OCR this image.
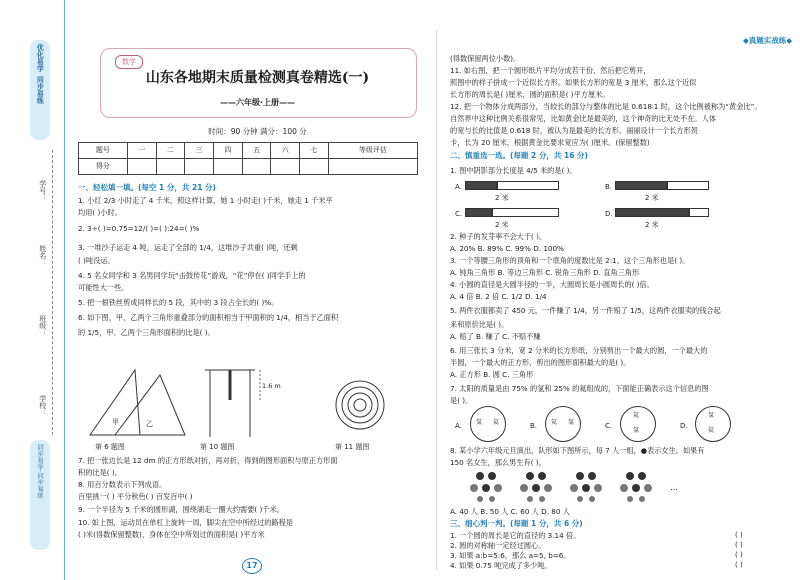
优化易学
同步易练
同步易学·同步易练
学号：
姓名：
班级：
学校：
数学
山东各地期末质量检测真卷精选(一)
——六年级·上册——
时间：90 分钟 满分：100 分
◆真题实战练◆
题号	一	二	三	四	五	六	七	等级评估
得分								
一、轻松填一填。(每空 1 分，共 21 分)
1. 小红 2/3 小时走了 4 千米，照这样计算，她 1 小时走( )千米，她走 1 千米平
均用( )小时。
2. 3÷( )=0.75=12/( )=( ):24=( )%
3. 一堆沙子运走 4 吨，运走了全部的 1/4，这堆沙子共重( )吨，还剩
( )吨没运。
4. 5 名女同学和 3 名男同学玩“击鼓传花”游戏，“花”停在( )同学手上的
可能性大一些。
5. 把一根铁丝剪成同样长的 5 段，其中的 3 段占全长的( )%。
6. 如下图，甲、乙两个三角形重叠部分的面积相当于甲面积的 1/4，相当于乙面积
的 1/5，甲、乙两个三角形面积的比是( )。
甲	乙
1.6 m
第 6 题图	第 10 题图	第 11 题图
7. 把一张边长是 12 dm 的正方形纸对折，再对折，得到的图形面积与原正方形面
积的比是( )。
8. 用百分数表示下列成语。
百里挑一( ) 平分秋色( ) 百发百中( )
9. 一个半径为 5 千米的圆形湖，围绕湖走一圈大约需要( )千米。
10. 如上图，运动员在单杠上旋转一周，脚尖在空中所经过的路程是
( )米(得数保留整数)，身体在空中所划过的面积是( )平方米
17
(得数保留两位小数)。
11. 如右图，把一个圆形纸片平均分成若干份，然后把它剪开，
照图中的样子拼成一个近似长方形。如果长方形的宽是 3 厘米，那么这个近似
长方形的周长是( )厘米，圆的面积是( )平方厘米。
12. 把一个物体分成两部分，当较长的部分与整体的比是 0.618∶1 时，这个比例被称为“黄金比”。
自然界中这种比例关系很常见，比如黄金比是最美的，这个神奇的比无处不在。人体
的宽与长的比值是 0.618 时，被认为是最美的长方形。丽丽设计一个长方形贺
卡，长为 20 厘米，根据黄金比要求宽应为( )厘米。(保留整数)
二、慎重选一选。(每题 2 分，共 16 分)
1. 图中阴影部分长度是 4/5 米的是( )。
A.
2 米
B.
2 米
C.
2 米
D.
2 米
2. 种子的发芽率不会大于( )。
A. 20% B. 89% C. 99% D. 100%
3. 一个等腰三角形的顶角和一个底角的度数比是 2:1，这个三角形也是( )。
A. 钝角三角形 B. 等边三角形 C. 锐角三角形 D. 直角三角形
4. 小圆的直径是大圆半径的一半，大圆周长是小圆周长的( )倍。
A. 4 倍 B. 2 倍 C. 1/2 D. 1/4
5. 两件衣服都卖了 450 元，一件赚了 1/4，另一件赔了 1/5，这两件衣服卖的钱合起
来和原价比是( )。
A. 赔了 B. 赚了 C. 不赔不赚
6. 用三张长 3 分米，宽 2 分米的长方形纸，分别剪出一个最大的圆，一个最大的
半圆，一个最大的正方形，剪出的图形面积最大的是( )。
A. 正方形 B. 圆 C. 三角形
7. 太阳的质量是由 75% 的氢和 25% 的氦组成的，下面能正确表示这个信息的图
是( )。
A. 氢 氦	B. 氦 氢	C.
氦
氢
D.
氢
氦
8. 某小学六年级元旦演出，队形如下图所示，每 7 人一组，●表示女生。如果有
150 名女生，那么男生有( )。
…
A. 40 人 B. 50 人 C. 60 人 D. 80 人
三、细心判一判。(每题 1 分，共 6 分)
1. 一个圆的周长是它的直径的 3.14 倍。
2. 圆的对称轴一定经过圆心。
3. 如果 a:b=5:6，那么 a=5, b=6。
4. 如果 0.75 吨完成了多少吨。
( )
( )
( )
( )
